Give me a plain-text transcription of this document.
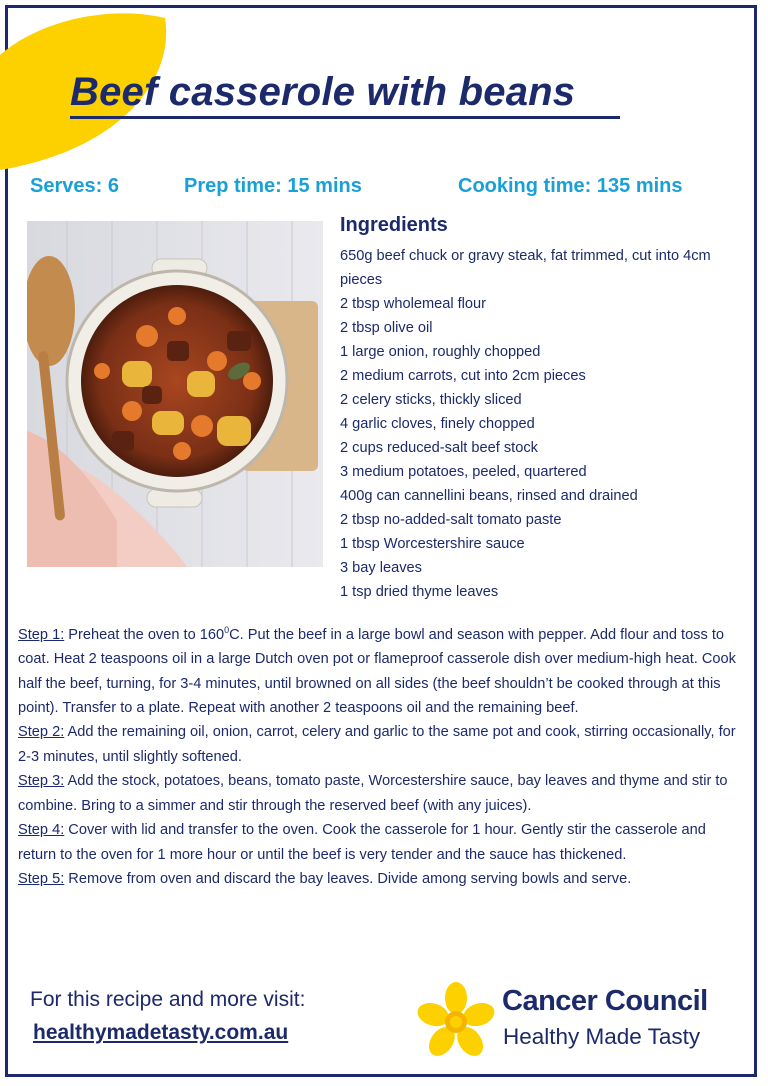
Beef casserole with beans
Serves: 6	Prep time: 15 mins	Cooking time: 135 mins
Ingredients
650g beef chuck or gravy steak, fat trimmed, cut into 4cm pieces
2 tbsp wholemeal flour
2 tbsp olive oil
1 large onion, roughly chopped
2 medium carrots, cut into 2cm pieces
2 celery sticks, thickly sliced
4 garlic cloves, finely chopped
2 cups reduced-salt beef stock
3 medium potatoes, peeled, quartered
400g can cannellini beans, rinsed and drained
2 tbsp no-added-salt tomato paste
1 tbsp Worcestershire sauce
3 bay leaves
1 tsp dried thyme leaves

Step 1: Preheat the oven to $160^0C$. Put the beef in a large bowl and season with pepper. Add flour and toss to coat. Heat 2 teaspoons oil in a large Dutch oven pot or flameproof casserole dish over medium-high heat. Cook half the beef, turning, for 3-4 minutes, until browned on all sides (the beef shouldn’t be cooked through at this point). Transfer to a plate. Repeat with another 2 teaspoons oil and the remaining beef.

Step 2: Add the remaining oil, onion, carrot, celery and garlic to the same pot and cook, stirring occasionally, for 2-3 minutes, until slightly softened.

Step 3: Add the stock, potatoes, beans, tomato paste, Worcestershire sauce, bay leaves and thyme and stir to combine. Bring to a simmer and stir through the reserved beef (with any juices).

Step 4: Cover with lid and transfer to the oven. Cook the casserole for 1 hour. Gently stir the casserole and return to the oven for 1 more hour or until the beef is very tender and the sauce has thickened.

Step 5: Remove from oven and discard the bay leaves. Divide among serving bowls and serve.

For this recipe and more visit:
healthymadetasty.com.au
Cancer Council
Healthy Made Tasty
